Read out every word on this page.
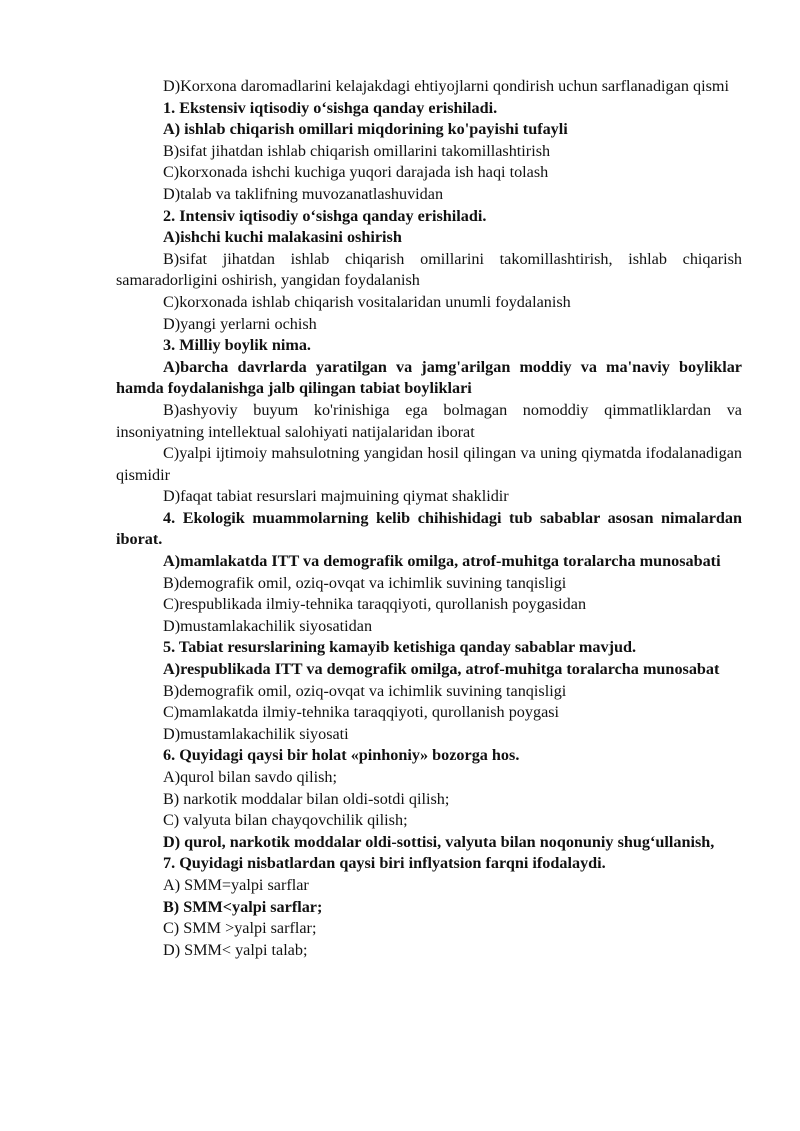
D)Korxona daromadlarini kelajakdagi ehtiyojlarni qondirish uchun sarflanadigan qismi

1. Ekstensiv iqtisodiy o‘sishga qanday erishiladi.

A) ishlab chiqarish omillari miqdorining ko'payishi tufayli

B)sifat jihatdan ishlab chiqarish omillarini takomillashtirish

C)korxonada ishchi kuchiga yuqori darajada ish haqi tolash

D)talab va taklifning muvozanatlashuvidan

2. Intensiv iqtisodiy o‘sishga qanday erishiladi.

A)ishchi kuchi malakasini oshirish

B)sifat jihatdan ishlab chiqarish omillarini takomillashtirish, ishlab chiqarish samaradorligini oshirish, yangidan foydalanish

C)korxonada ishlab chiqarish vositalaridan unumli foydalanish

D)yangi yerlarni ochish

3. Milliy boylik nima.

A)barcha davrlarda yaratilgan va jamg'arilgan moddiy va ma'naviy boyliklar hamda foydalanishga jalb qilingan tabiat boyliklari

B)ashyoviy buyum ko'rinishiga ega bolmagan nomoddiy qimmatliklardan va insoniyatning intellektual salohiyati natijalaridan iborat

C)yalpi ijtimoiy mahsulotning yangidan hosil qilingan va uning qiymatda ifodalanadigan qismidir

D)faqat tabiat resurslari majmuining qiymat shaklidir

4. Ekologik muammolarning kelib chihishidagi tub sabablar asosan nimalardan iborat.

A)mamlakatda ITT va demografik omilga, atrof-muhitga toralarcha munosabati

B)demografik omil, oziq-ovqat va ichimlik suvining tanqisligi

C)respublikada ilmiy-tehnika taraqqiyoti, qurollanish poygasidan

D)mustamlakachilik siyosatidan

5. Tabiat resurslarining kamayib ketishiga qanday sabablar mavjud.

A)respublikada ITT va demografik omilga, atrof-muhitga toralarcha munosabat

B)demografik omil, oziq-ovqat va ichimlik suvining tanqisligi

C)mamlakatda ilmiy-tehnika taraqqiyoti, qurollanish poygasi

D)mustamlakachilik siyosati

6. Quyidagi qaysi bir holat «pinhoniy» bozorga hos.

A)qurol bilan savdo qilish;

B) narkotik moddalar bilan oldi-sotdi qilish;

C) valyuta bilan chayqovchilik qilish;

D) qurol, narkotik moddalar oldi-sottisi, valyuta bilan noqonuniy shug‘ullanish,

7. Quyidagi nisbatlardan qaysi biri inflyatsion farqni ifodalaydi.

A) SMM=yalpi sarflar

B) SMM<yalpi sarflar;

C) SMM >yalpi sarflar;

D) SMM< yalpi talab;
